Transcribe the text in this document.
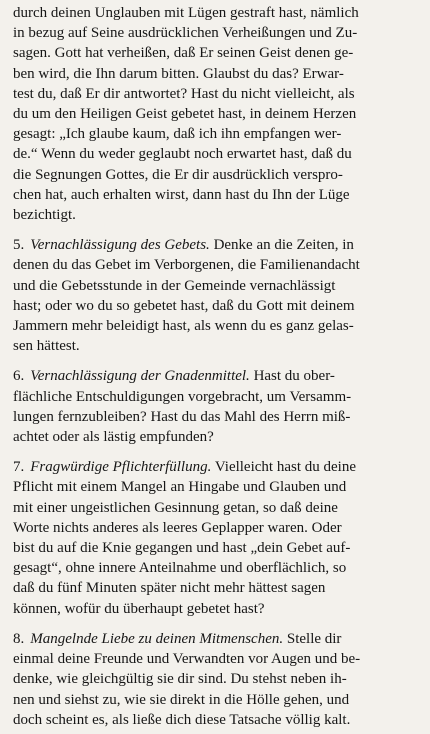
durch deinen Unglauben mit Lügen gestraft hast, nämlich

in bezug auf Seine ausdrücklichen Verheißungen und Zu-

sagen. Gott hat verheißen, daß Er seinen Geist denen ge-

ben wird, die Ihn darum bitten. Glaubst du das? Erwar-

test du, daß Er dir antwortet? Hast du nicht vielleicht, als

du um den Heiligen Geist gebetet hast, in deinem Herzen

gesagt: „Ich glaube kaum, daß ich ihn empfangen wer-

de.“ Wenn du weder geglaubt noch erwartet hast, daß du

die Segnungen Gottes, die Er dir ausdrücklich verspro-

chen hat, auch erhalten wirst, dann hast du Ihn der Lüge

bezichtigt.

5. Vernachlässigung des Gebets. Denke an die Zeiten, in

denen du das Gebet im Verborgenen, die Familienandacht

und die Gebetsstunde in der Gemeinde vernachlässigt

hast; oder wo du so gebetet hast, daß du Gott mit deinem

Jammern mehr beleidigt hast, als wenn du es ganz gelas-

sen hättest.

6. Vernachlässigung der Gnadenmittel. Hast du ober-

flächliche Entschuldigungen vorgebracht, um Versamm-

lungen fernzubleiben? Hast du das Mahl des Herrn miß-

achtet oder als lästig empfunden?

7. Fragwürdige Pflichterfüllung. Vielleicht hast du deine

Pflicht mit einem Mangel an Hingabe und Glauben und

mit einer ungeistlichen Gesinnung getan, so daß deine

Worte nichts anderes als leeres Geplapper waren. Oder

bist du auf die Knie gegangen und hast „dein Gebet auf-

gesagt“, ohne innere Anteilnahme und oberflächlich, so

daß du fünf Minuten später nicht mehr hättest sagen

können, wofür du überhaupt gebetet hast?

8. Mangelnde Liebe zu deinen Mitmenschen. Stelle dir

einmal deine Freunde und Verwandten vor Augen und be-

denke, wie gleichgültig sie dir sind. Du stehst neben ih-

nen und siehst zu, wie sie direkt in die Hölle gehen, und

doch scheint es, als ließe dich diese Tatsache völlig kalt.
